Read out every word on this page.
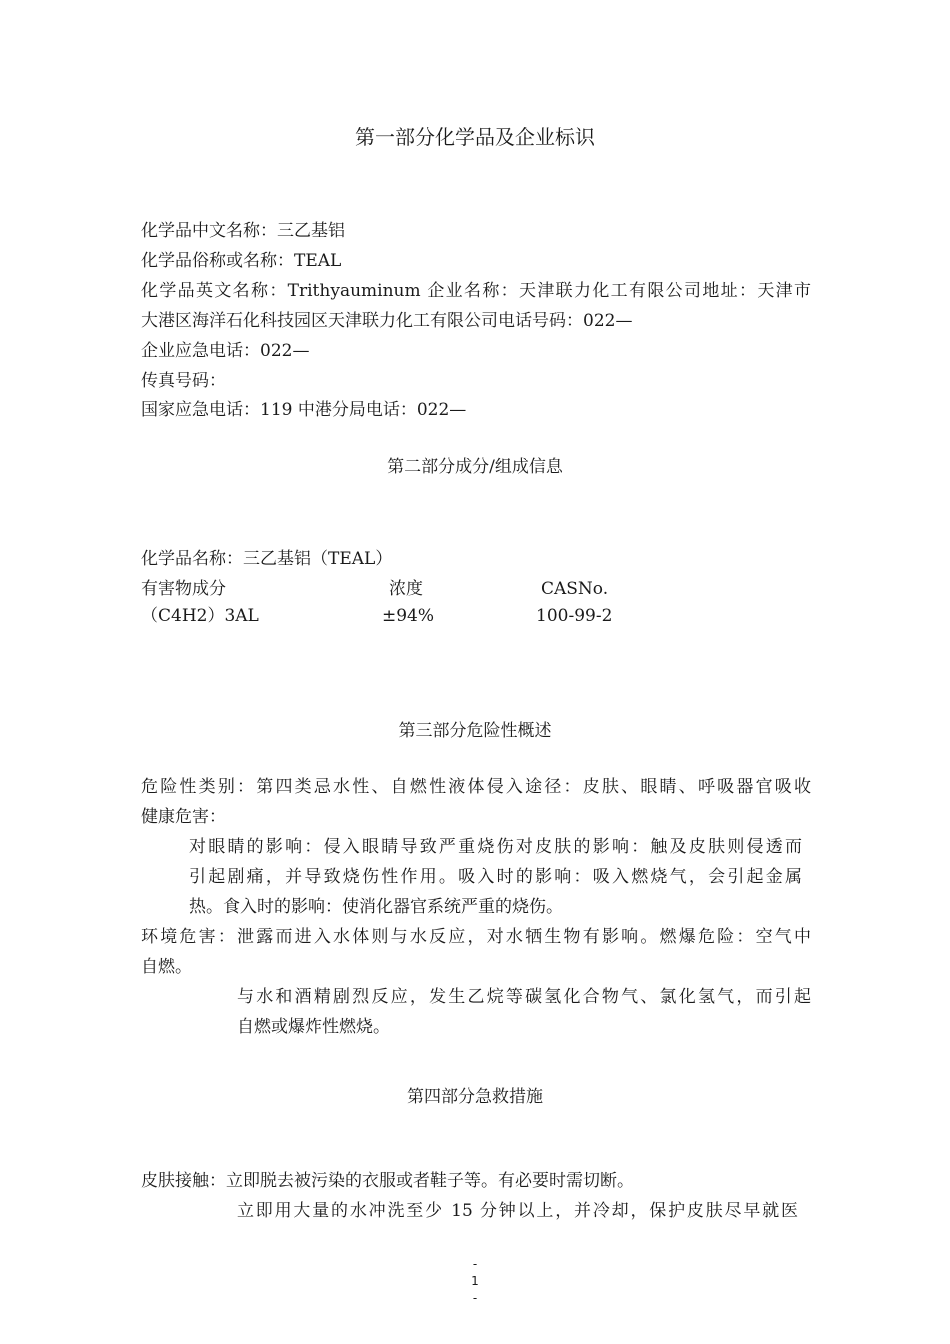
第一部分化学品及企业标识
化学品中文名称：三乙基铝
化学品俗称或名称：TEAL
化学品英文名称：Trithyauminum 企业名称：天津联力化工有限公司地址：天津市
大港区海洋石化科技园区天津联力化工有限公司电话号码：022—
企业应急电话：022—
传真号码：
国家应急电话：119 中港分局电话：022—
第二部分成分/组成信息
化学品名称：三乙基铝（TEAL）
有害物成分	浓度	CASNo.
（C4H2）3AL	±94%	100-99-2
第三部分危险性概述
危险性类别：第四类忌水性、自燃性液体侵入途径：皮肤、眼睛、呼吸器官吸收
健康危害：
对眼睛的影响：侵入眼睛导致严重烧伤对皮肤的影响：触及皮肤则侵透而
引起剧痛，并导致烧伤性作用。吸入时的影响：吸入燃烧气，会引起金属
热。食入时的影响：使消化器官系统严重的烧伤。
环境危害：泄露而进入水体则与水反应，对水牺生物有影响。燃爆危险：空气中
自燃。
与水和酒精剧烈反应，发生乙烷等碳氢化合物气、氯化氢气，而引起
自燃或爆炸性燃烧。
第四部分急救措施
皮肤接触：立即脱去被污染的衣服或者鞋子等。有必要时需切断。
立即用大量的水冲洗至少 15 分钟以上，并冷却，保护皮肤尽早就医
-
1
-
